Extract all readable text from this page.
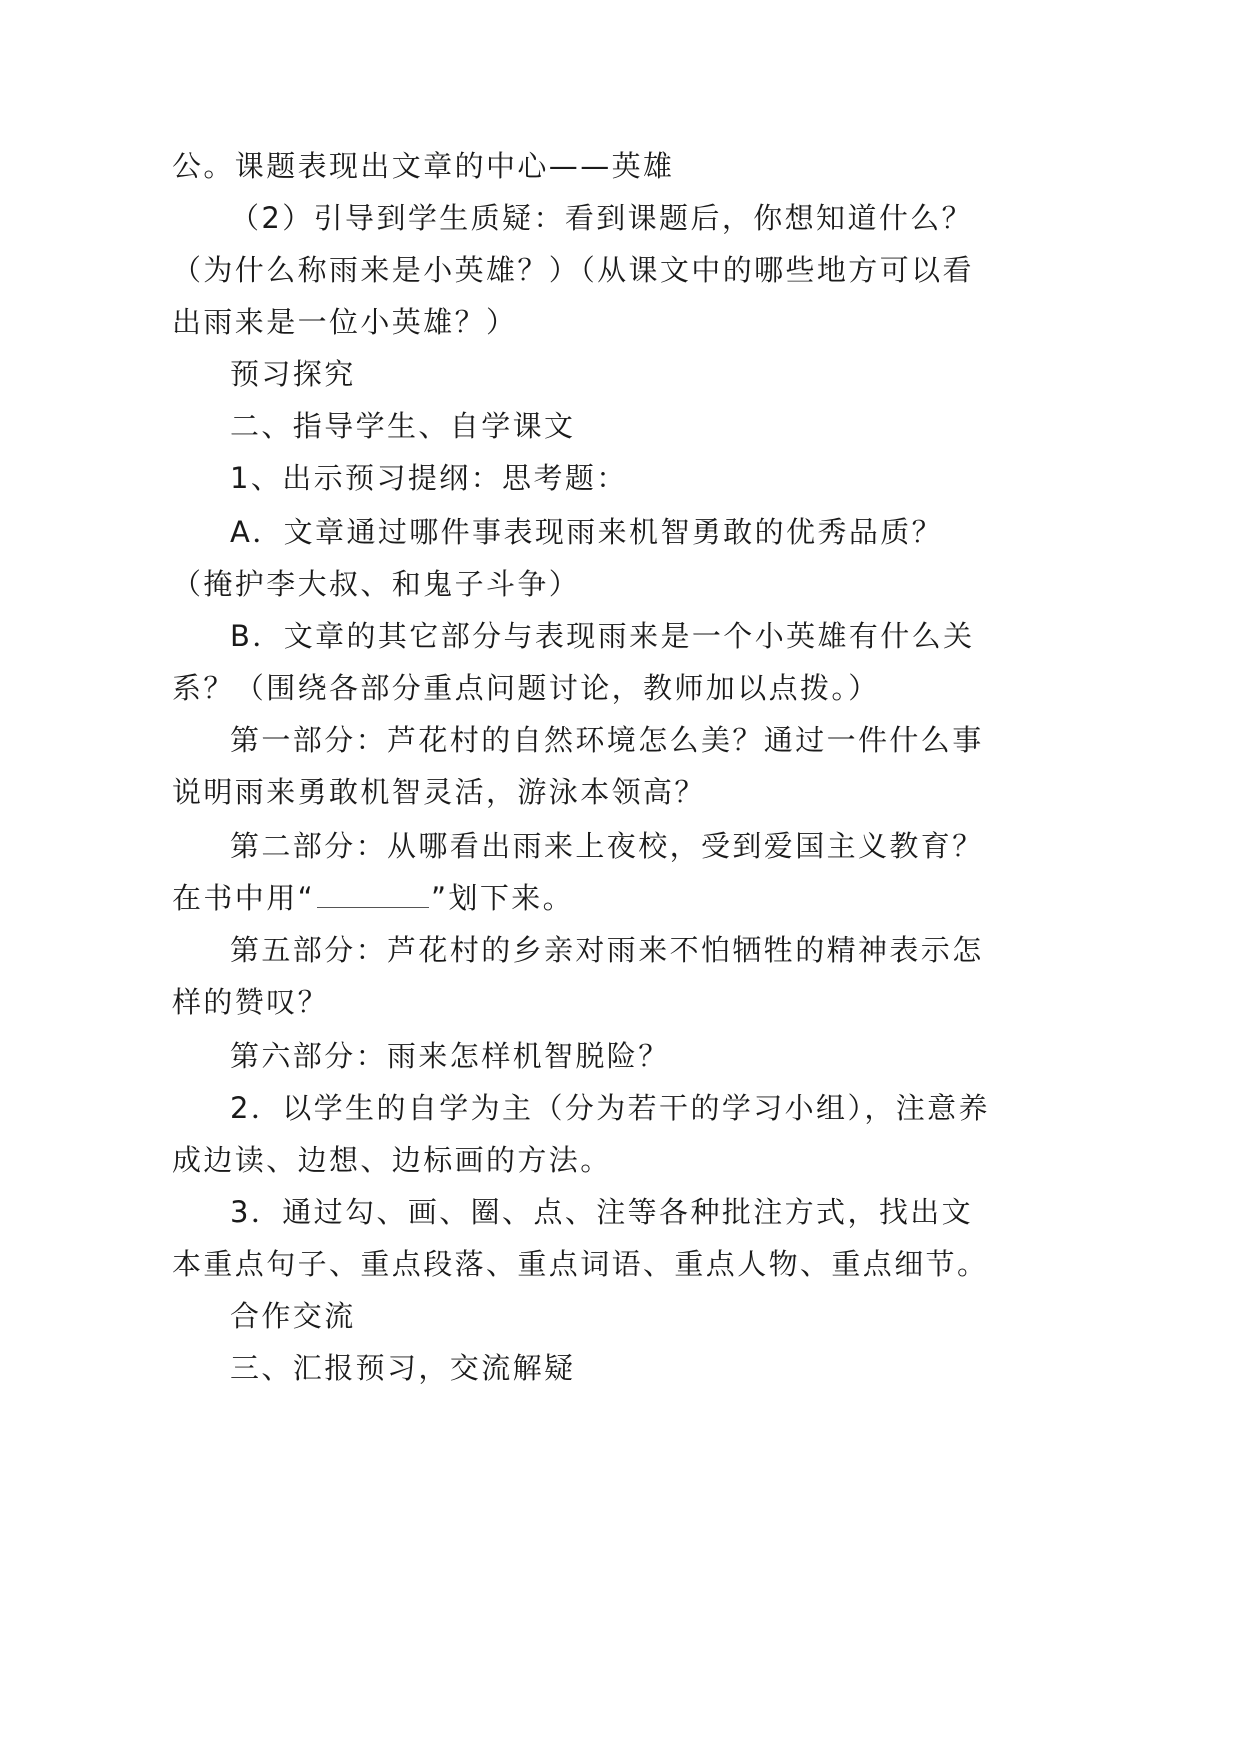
公。课题表现出文章的中心——英雄
（2）引导到学生质疑：看到课题后，你想知道什么？
（为什么称雨来是小英雄？）（从课文中的哪些地方可以看
出雨来是一位小英雄？）
预习探究
二、指导学生、自学课文
1、出示预习提纲：思考题：
A．文章通过哪件事表现雨来机智勇敢的优秀品质？
（掩护李大叔、和鬼子斗争）
B．文章的其它部分与表现雨来是一个小英雄有什么关
系？（围绕各部分重点问题讨论，教师加以点拨。）
第一部分：芦花村的自然环境怎么美？通过一件什么事
说明雨来勇敢机智灵活，游泳本领高？
第二部分：从哪看出雨来上夜校，受到爱国主义教育？
在书中用“	”划下来。
第五部分：芦花村的乡亲对雨来不怕牺牲的精神表示怎
样的赞叹？
第六部分：雨来怎样机智脱险？
2．以学生的自学为主（分为若干的学习小组），注意养
成边读、边想、边标画的方法。
3．通过勾、画、圈、点、注等各种批注方式，找出文
本重点句子、重点段落、重点词语、重点人物、重点细节。
合作交流
三、汇报预习，交流解疑
